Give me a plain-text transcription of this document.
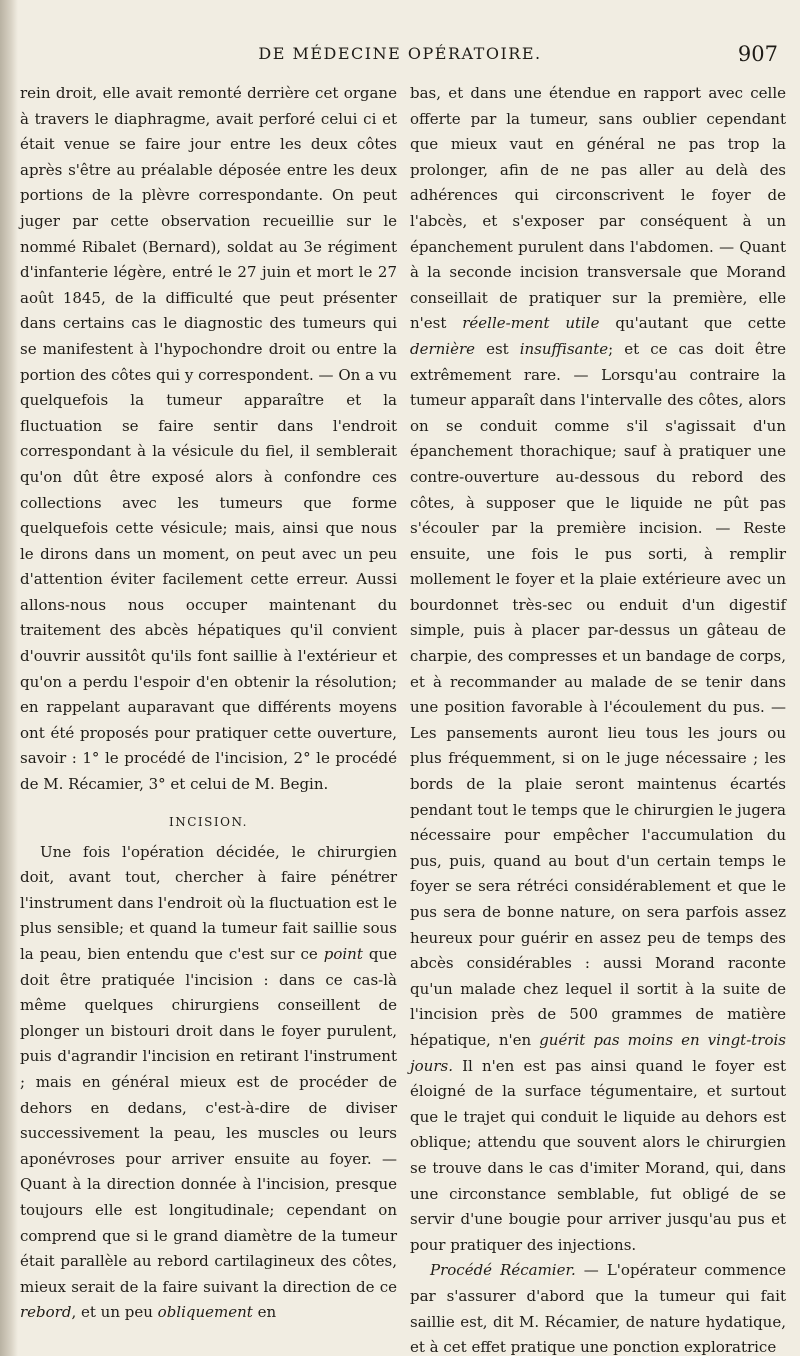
DE MÉDECINE OPÉRATOIRE.	907

rein droit, elle avait remonté derrière cet organe à travers le diaphragme, avait perforé celui ci et était venue se faire jour entre les deux côtes après s'être au préalable déposée entre les deux portions de la plèvre correspondante. On peut juger par cette observation recueillie sur le nommé Ribalet (Bernard), soldat au 3e régiment d'infanterie légère, entré le 27 juin et mort le 27 août 1845, de la difficulté que peut présenter dans certains cas le diagnostic des tumeurs qui se manifestent à l'hypochondre droit ou entre la portion des côtes qui y correspondent. — On a vu quelquefois la tumeur apparaître et la fluctuation se faire sentir dans l'endroit correspondant à la vésicule du fiel, il semblerait qu'on dût être exposé alors à confondre ces collections avec les tumeurs que forme quelquefois cette vésicule; mais, ainsi que nous le dirons dans un moment, on peut avec un peu d'attention éviter facilement cette erreur. Aussi allons-nous nous occuper maintenant du traitement des abcès hépatiques qu'il convient d'ouvrir aussitôt qu'ils font saillie à l'extérieur et qu'on a perdu l'espoir d'en obtenir la résolution; en rappelant auparavant que différents moyens ont été proposés pour pratiquer cette ouverture, savoir : 1° le procédé de l'incision, 2° le procédé de M. Récamier, 3° et celui de M. Begin.

INCISION.

Une fois l'opération décidée, le chirurgien doit, avant tout, chercher à faire pénétrer l'instrument dans l'endroit où la fluctuation est le plus sensible; et quand la tumeur fait saillie sous la peau, bien entendu que c'est sur ce point que doit être pratiquée l'incision : dans ce cas-là même quelques chirurgiens conseillent de plonger un bistouri droit dans le foyer purulent, puis d'agrandir l'incision en retirant l'instrument ; mais en général mieux est de procéder de dehors en dedans, c'est-à-dire de diviser successivement la peau, les muscles ou leurs aponévroses pour arriver ensuite au foyer. — Quant à la direction donnée à l'incision, presque toujours elle est longitudinale; cependant on comprend que si le grand diamètre de la tumeur était parallèle au rebord cartilagineux des côtes, mieux serait de la faire suivant la direction de ce rebord, et un peu obliquement en

bas, et dans une étendue en rapport avec celle offerte par la tumeur, sans oublier cependant que mieux vaut en général ne pas trop la prolonger, afin de ne pas aller au delà des adhérences qui circonscrivent le foyer de l'abcès, et s'exposer par conséquent à un épanchement purulent dans l'abdomen. — Quant à la seconde incision transversale que Morand conseillait de pratiquer sur la première, elle n'est réelle-ment utile qu'autant que cette dernière est insuffisante; et ce cas doit être extrêmement rare. — Lorsqu'au contraire la tumeur apparaît dans l'intervalle des côtes, alors on se conduit comme s'il s'agissait d'un épanchement thorachique; sauf à pratiquer une contre-ouverture au-dessous du rebord des côtes, à supposer que le liquide ne pût pas s'écouler par la première incision. — Reste ensuite, une fois le pus sorti, à remplir mollement le foyer et la plaie extérieure avec un bourdonnet très-sec ou enduit d'un digestif simple, puis à placer par-dessus un gâteau de charpie, des compresses et un bandage de corps, et à recommander au malade de se tenir dans une position favorable à l'écoulement du pus. — Les pansements auront lieu tous les jours ou plus fréquemment, si on le juge nécessaire ; les bords de la plaie seront maintenus écartés pendant tout le temps que le chirurgien le jugera nécessaire pour empêcher l'accumulation du pus, puis, quand au bout d'un certain temps le foyer se sera rétréci considérablement et que le pus sera de bonne nature, on sera parfois assez heureux pour guérir en assez peu de temps des abcès considérables : aussi Morand raconte qu'un malade chez lequel il sortit à la suite de l'incision près de 500 grammes de matière hépatique, n'en guérit pas moins en vingt-trois jours. Il n'en est pas ainsi quand le foyer est éloigné de la surface tégumentaire, et surtout que le trajet qui conduit le liquide au dehors est oblique; attendu que souvent alors le chirurgien se trouve dans le cas d'imiter Morand, qui, dans une circonstance semblable, fut obligé de se servir d'une bougie pour arriver jusqu'au pus et pour pratiquer des injections.

Procédé Récamier. — L'opérateur commence par s'assurer d'abord que la tumeur qui fait saillie est, dit M. Récamier, de nature hydatique, et à cet effet pratique une ponction exploratrice
